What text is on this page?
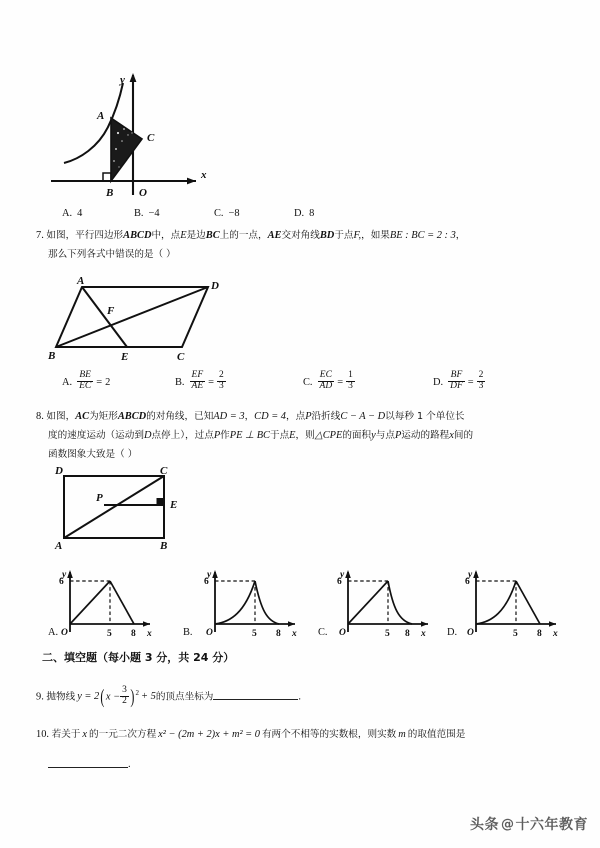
A
B
C
O
x
y
A. 4	B. −4	C. −8	D. 8
7. 如图，平行四边形ABCD中，点E是边BC上的一点，AE交对角线BD于点F,，如果BE : BC = 2 : 3，
那么下列各式中错误的是（ ）
A	D
B	E	C
F
A. $\frac{BE}{EC} = 2$	B. $\frac{EF}{AE} = \frac{2}{3}$	C. $\frac{EC}{AD} = \frac{1}{3}$	D. $\frac{BF}{DF} = \frac{2}{3}$
8. 如图，AC为矩形ABCD的对角线，已知AD = 3，CD = 4，点P沿折线C − A − D以每秒 1 个单位长
度的速度运动（运动到D点停上），过点P作PE ⊥ BC于点E，则△CPE的面积y与点P运动的路程x间的
函数图象大致是（ ）
D	C
A	B
P
E
6
O	5 8 x
y
A.
6
O	5 8 x
y
B.
6
O	5 8 x
y
C.
6
O	5 8 x
y
D.
二、填空题（每小题 3 分，共 24 分）
9. 抛物线 $y = 2(x - \frac{3}{2} )^2 + 5$的顶点坐标为	.
10. 若关于 x 的一元二次方程 x² − (2m + 2)x + m² = 0 有两个不相等的实数根，则实数 m 的取值范围是
.
头条 @ 十六年教育
